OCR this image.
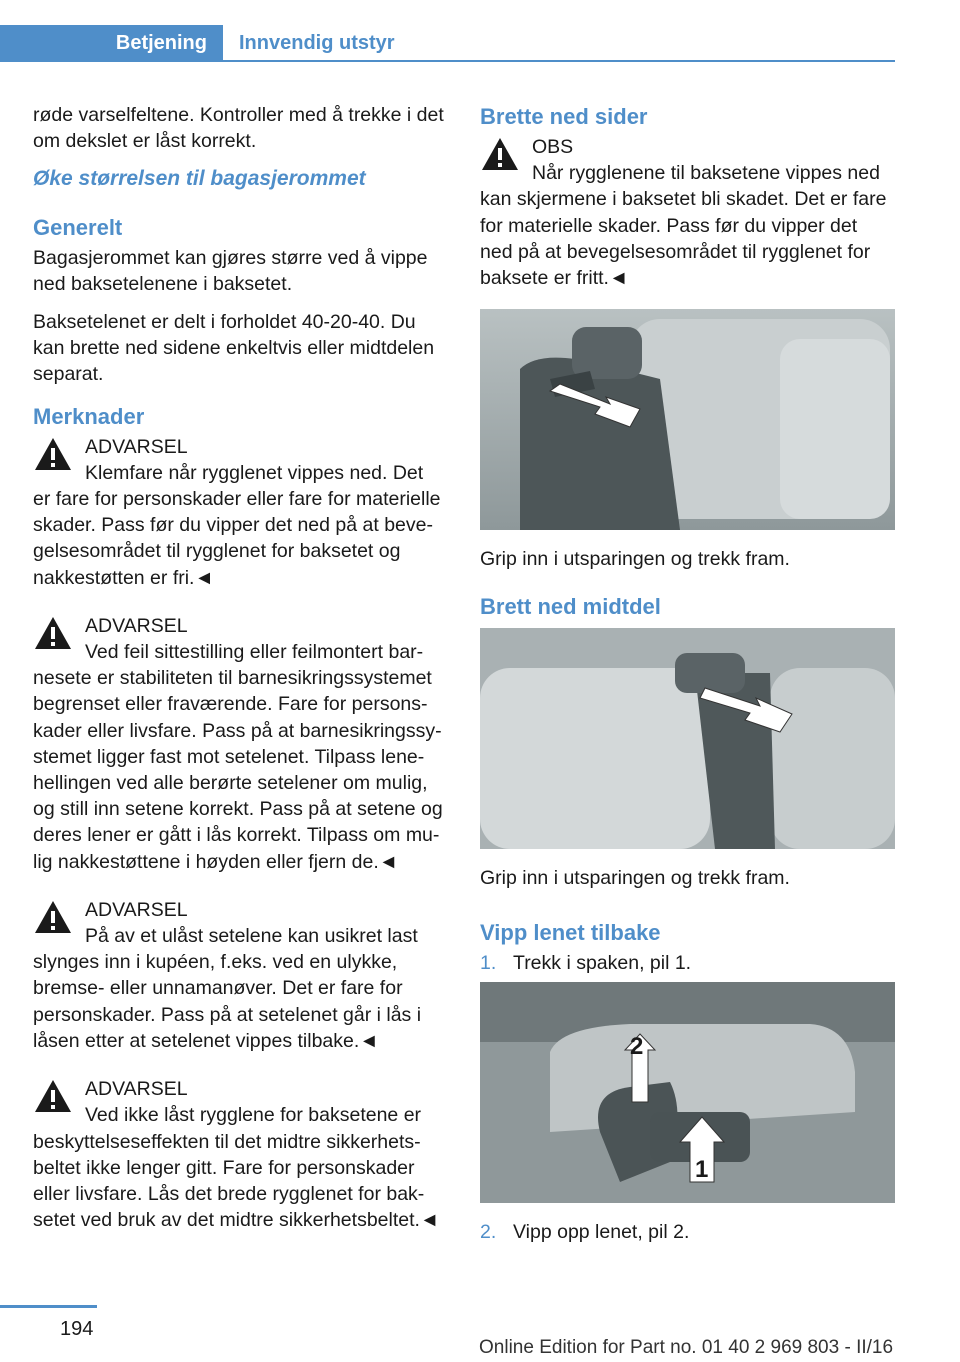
Betjening	Innvendig utstyr

røde varselfeltene. Kontroller med å trekke i det om dekslet er låst korrekt.

Øke størrelsen til bagasjerommet
Generelt

Bagasjerommet kan gjøres større ved å vippe ned baksetelenene i baksetet.

Baksetelenet er delt i forholdet 40-20-40. Du kan brette ned sidene enkeltvis eller midtdelen separat.

Merknader
ADVARSEL
Klemfare når rygglenet vippes ned. Det
er fare for personskader eller fare for materielle skader. Pass før du vipper det ned på at beve- gelsesområdet til rygglenet for baksetet og nakkestøtten er fri.◄
ADVARSEL
Ved feil sittestilling eller feilmontert bar-
nesete er stabiliteten til barnesikringssystemet begrenset eller fraværende. Fare for persons- kader eller livsfare. Pass på at barnesikringssy- stemet ligger fast mot setelenet. Tilpass lene- hellingen ved alle berørte setelener om mulig, og still inn setene korrekt. Pass på at setene og deres lener er gått i lås korrekt. Tilpass om mu- lig nakkestøttene i høyden eller fjern de.◄
ADVARSEL
På av et ulåst setelene kan usikret last
slynges inn i kupéen, f.eks. ved en ulykke, bremse- eller unnamanøver. Det er fare for personskader. Pass på at setelenet går i lås i låsen etter at setelenet vippes tilbake.◄
ADVARSEL
Ved ikke låst rygglene for baksetene er
beskyttelseseffekten til det midtre sikkerhets- beltet ikke lenger gitt. Fare for personskader eller livsfare. Lås det brede rygglenet for bak- setet ved bruk av det midtre sikkerhetsbeltet.◄
Brette ned sider
OBS
Når rygglenene til baksetene vippes ned
kan skjermene i baksetet bli skadet. Det er fare for materielle skader. Pass før du vipper det ned på at bevegelsesområdet til rygglenet for baksete er fritt.◄

Grip inn i utsparingen og trekk fram.

Brett ned midtdel

Grip inn i utsparingen og trekk fram.

Vipp lenet tilbake
1. Trekk i spaken, pil 1.
2
1
2. Vipp opp lenet, pil 2.
194
Online Edition for Part no. 01 40 2 969 803 - II/16
